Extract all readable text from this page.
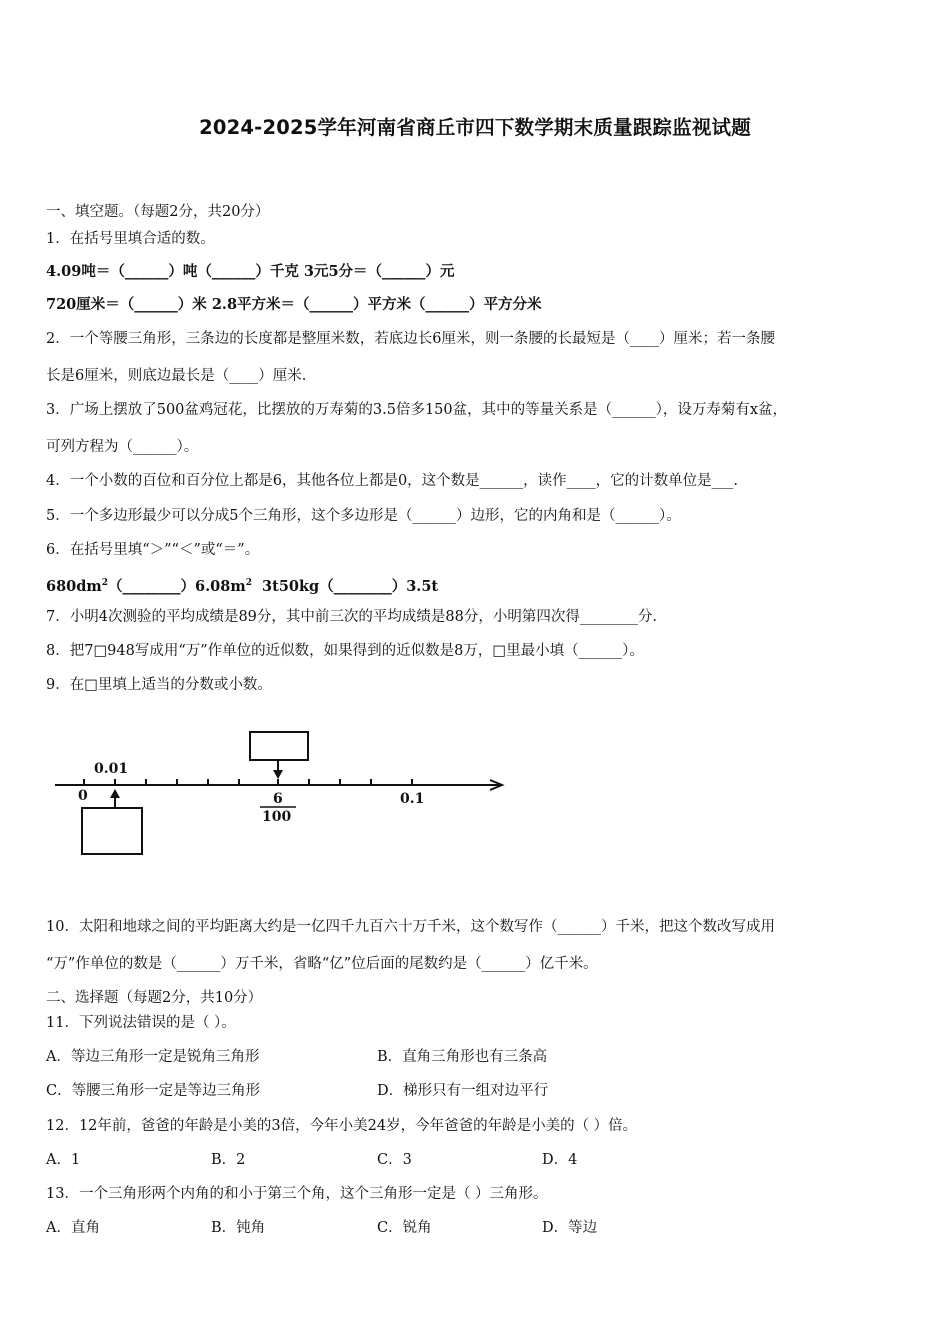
2024-2025学年河南省商丘市四下数学期末质量跟踪监视试题
一、填空题。（每题2分，共20分）
1．在括号里填合适的数。
4.09吨＝（______）吨（______）千克 3元5分＝（______）元
720厘米＝（______）米 2.8平方米＝（______）平方米（______）平方分米
2．一个等腰三角形，三条边的长度都是整厘米数，若底边长6厘米，则一条腰的长最短是（____）厘米；若一条腰
长是6厘米，则底边最长是（____）厘米.
3．广场上摆放了500盆鸡冠花，比摆放的万寿菊的3.5倍多150盆，其中的等量关系是（______），设万寿菊有x盆，
可列方程为（______）。
4．一个小数的百位和百分位上都是6，其他各位上都是0，这个数是______，读作____，它的计数单位是___.
5．一个多边形最少可以分成5个三角形，这个多边形是（______）边形，它的内角和是（______）。
6．在括号里填“＞”“＜”或“＝”。
$680dm^2(\_\_\_\_\_\_\_\_)6.08m^2$  3t50kg（________）3.5t
7．小明4次测验的平均成绩是89分，其中前三次的平均成绩是88分，小明第四次得________分.
8．把7□948写成用“万”作单位的近似数，如果得到的近似数是8万，□里最小填（______）。
9．在□里填上适当的分数或小数。
0.01
0	6
100
0.1
10．太阳和地球之间的平均距离大约是一亿四千九百六十万千米，这个数写作（______）千米，把这个数改写成用
“万”作单位的数是（______）万千米，省略“亿”位后面的尾数约是（______）亿千米。
二、选择题（每题2分，共10分）
11．下列说法错误的是（ ）。
A．等边三角形一定是锐角三角形	B．直角三角形也有三条高
C．等腰三角形一定是等边三角形	D．梯形只有一组对边平行
12．12年前，爸爸的年龄是小美的3倍，今年小美24岁，今年爸爸的年龄是小美的（ ）倍。
A．1	B．2	C．3	D．4
13．一个三角形两个内角的和小于第三个角，这个三角形一定是（ ）三角形。
A．直角	B．钝角	C．锐角	D．等边
